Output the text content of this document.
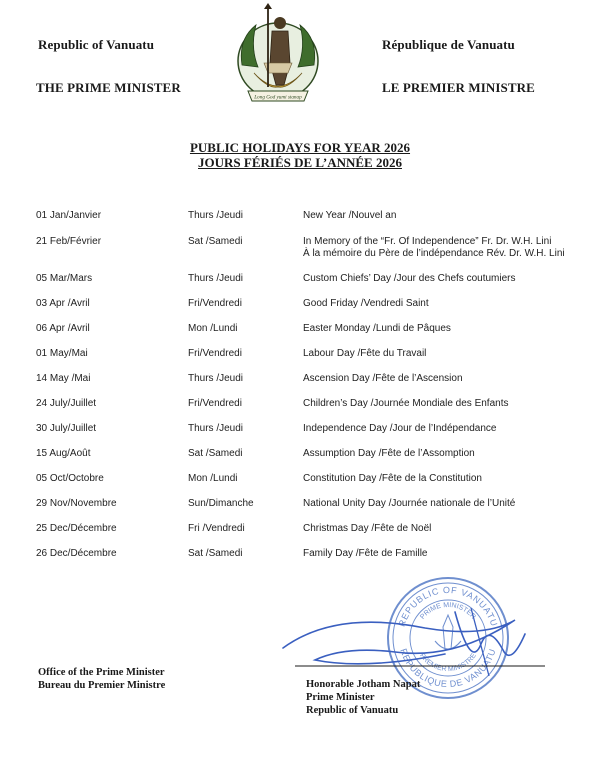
Republic of Vanuatu
THE PRIME MINISTER
République de Vanuatu
LE PREMIER MINISTRE
Long God yumi stanap
PUBLIC HOLIDAYS FOR YEAR 2026
JOURS FÉRIÉS DE L’ANNÉE 2026
01 Jan/Janvier	Thurs /Jeudi	New Year /Nouvel an
21 Feb/Février	Sat /Samedi	In Memory of the “Fr. Of Independence” Fr. Dr. W.H. Lini
À la mémoire du Père de l’indépendance Rév. Dr. W.H. Lini
05 Mar/Mars	Thurs /Jeudi	Custom Chiefs’ Day /Jour des Chefs coutumiers
03 Apr /Avril	Fri/Vendredi	Good Friday /Vendredi Saint
06 Apr /Avril	Mon /Lundi	Easter Monday /Lundi de Pâques
01 May/Mai	Fri/Vendredi	Labour Day /Fête du Travail
14 May /Mai	Thurs /Jeudi	Ascension Day /Fête de l’Ascension
24 July/Juillet	Fri/Vendredi	Children’s Day /Journée Mondiale des Enfants
30 July/Juillet	Thurs /Jeudi	Independence Day /Jour de l’Indépendance
15 Aug/Août	Sat /Samedi	Assumption Day /Fête de l’Assomption
05 Oct/Octobre	Mon /Lundi	Constitution Day /Fête de la Constitution
29 Nov/Novembre	Sun/Dimanche	National Unity Day /Journée nationale de l’Unité
25 Dec/Décembre	Fri /Vendredi	Christmas Day /Fête de Noël
26 Dec/Décembre	Sat /Samedi	Family Day /Fête de Famille
REPUBLIC OF VANUATU
REPUBLIQUE DE VANUATU
PRIME MINISTER
PREMIER MINISTRE
Office of the Prime Minister
Bureau du Premier Ministre	Honorable Jotham Napat
Prime Minister
Republic of Vanuatu
